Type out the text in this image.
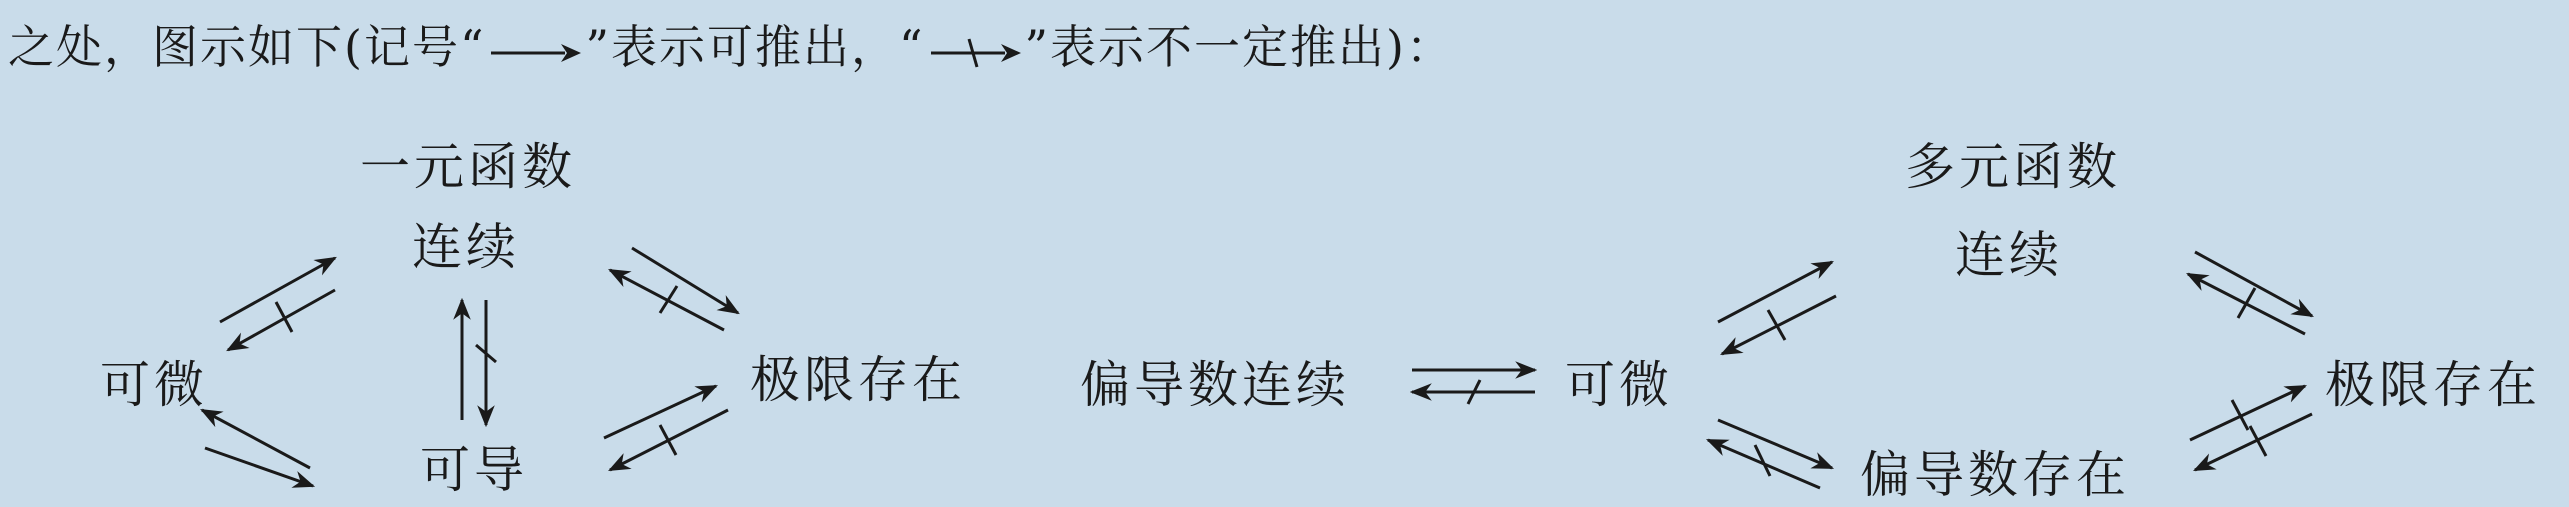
之处，图示如下(记号“ ”表示可推出，“ ”表示不一定推出)：
一元函数
连续
可微
可导
极限存在
多元函数
连续
偏导数连续	可微
偏导数存在
极限存在
